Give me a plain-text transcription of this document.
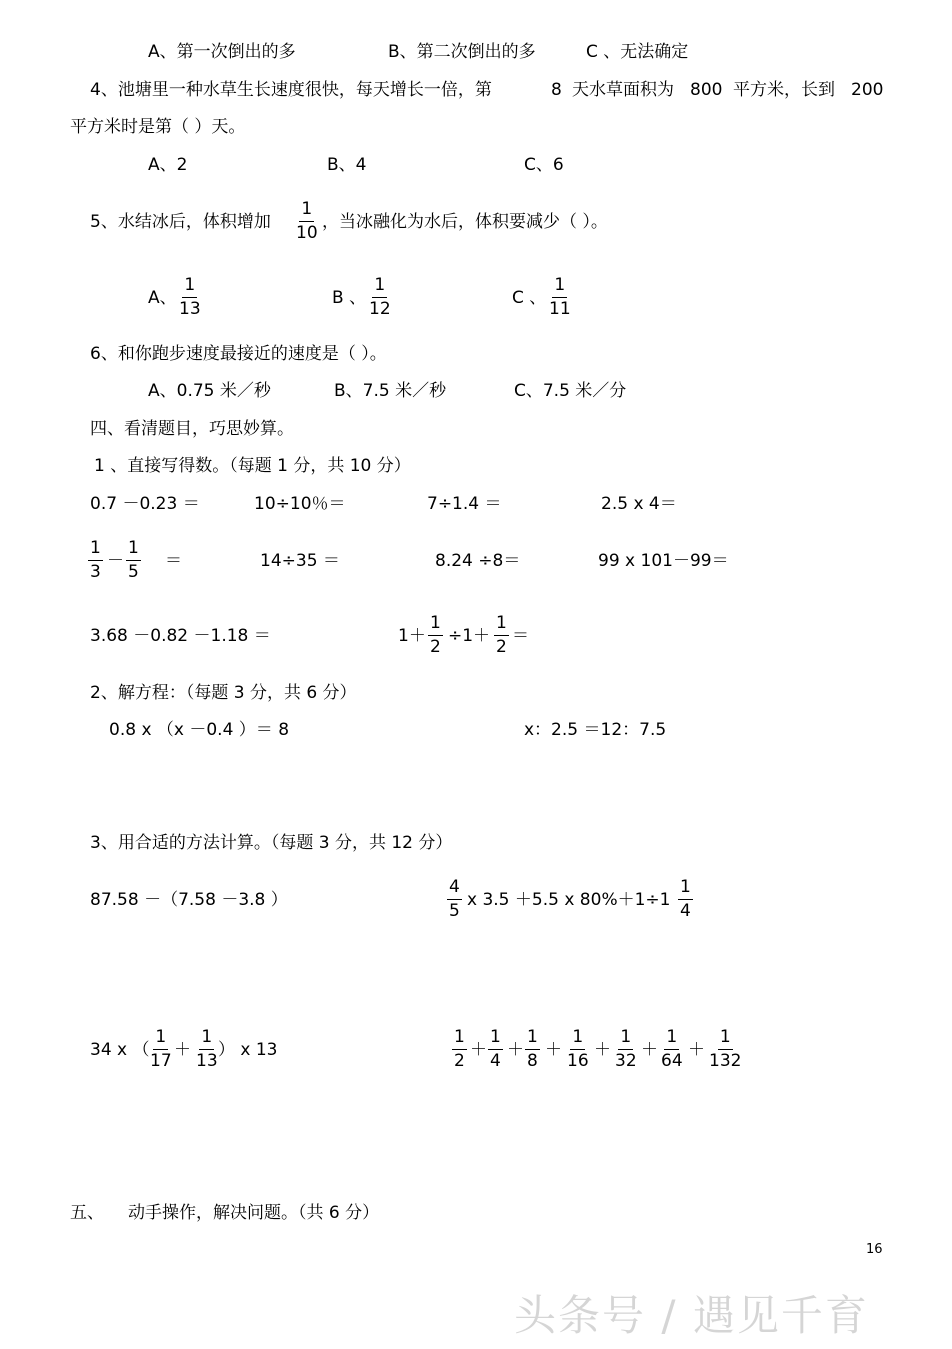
A、第一次倒出的多	B、第二次倒出的多	C 、无法确定
4、池塘里一种水草生长速度很快，每天增长一倍，第	8 天水草面积为 800 平方米，长到 200
平方米时是第（ ）天。
A、2	B、4	C、6
5、水结冰后，体积增加 $\frac{1}{10}$ ，当冰融化为水后，体积要减少（ ）。
A、 $\frac{1}{13}$	B 、 $\frac{1}{12}$	C 、 $\frac{1}{11}$
6、和你跑步速度最接近的速度是（ ）。
A、0.75 米／秒	B、7.5 米／秒	C、7.5 米／分
四、看清题目，巧思妙算。
1 、直接写得数。（每题 1 分，共 10 分）
0.7 －0.23 ＝	10÷10％＝	7÷1.4 ＝	2.5 x 4＝
$\frac{1}{3} - \frac{1}{5}$ ＝	14÷35 ＝	8.24 ÷8＝	99 x 101－99＝
3.68 －0.82 －1.18 ＝	$1+ \frac{1}{2} \div 1+ \frac{1}{2}$ ＝
2、解方程：（每题 3 分，共 6 分）
0.8 x （x －0.4 ）＝ 8	x：2.5 ＝12：7.5
3、用合适的方法计算。（每题 3 分，共 12 分）
87.58 －（7.58 －3.8 ）	$\frac{4}{5}$ x 3.5 ＋5.5 x $80\%+1\div 1 \frac{1}{4}$
34 x （
$\frac{1}{17} + \frac{1}{13}$
） x 13	$\frac{1}{2} + \frac{1}{4} + \frac{1}{8} + \frac{1}{16} + \frac{1}{32} + \frac{1}{64} + \frac{1}{132}$
五、 动手操作，解决问题。（共 6 分）
16
头条号 / 遇见千育
